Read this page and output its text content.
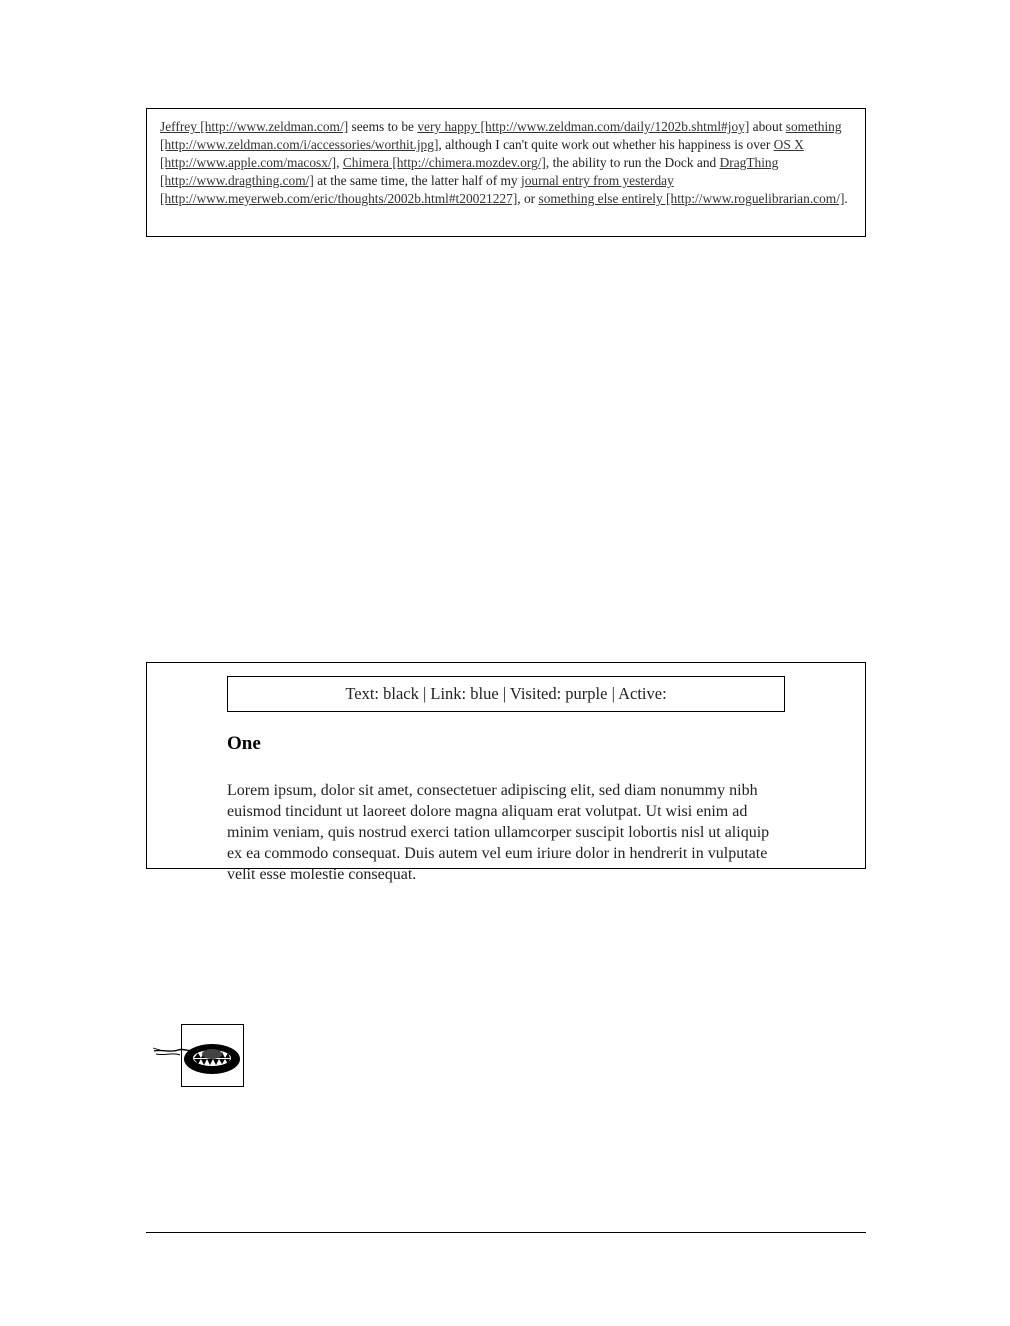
Jeffrey [http://www.zeldman.com/] seems to be very happy [http://www.zeldman.com/daily/1202b.shtml#joy] about something [http://www.zeldman.com/i/accessories/worthit.jpg], although I can't quite work out whether his happiness is over OS X [http://www.apple.com/macosx/], Chimera [http://chimera.mozdev.org/], the ability to run the Dock and DragThing [http://www.dragthing.com/] at the same time, the latter half of my journal entry from yesterday [http://www.meyerweb.com/eric/thoughts/2002b.html#t20021227], or something else entirely [http://www.roguelibrarian.com/].
Text: black | Link: blue | Visited: purple | Active:
One

Lorem ipsum, dolor sit amet, consectetuer adipiscing elit, sed diam nonummy nibh euismod tincidunt ut laoreet dolore magna aliquam erat volutpat. Ut wisi enim ad minim veniam, quis nostrud exerci tation ullamcorper suscipit lobortis nisl ut aliquip ex ea commodo consequat. Duis autem vel eum iriure dolor in hendrerit in vulputate velit esse molestie consequat.
